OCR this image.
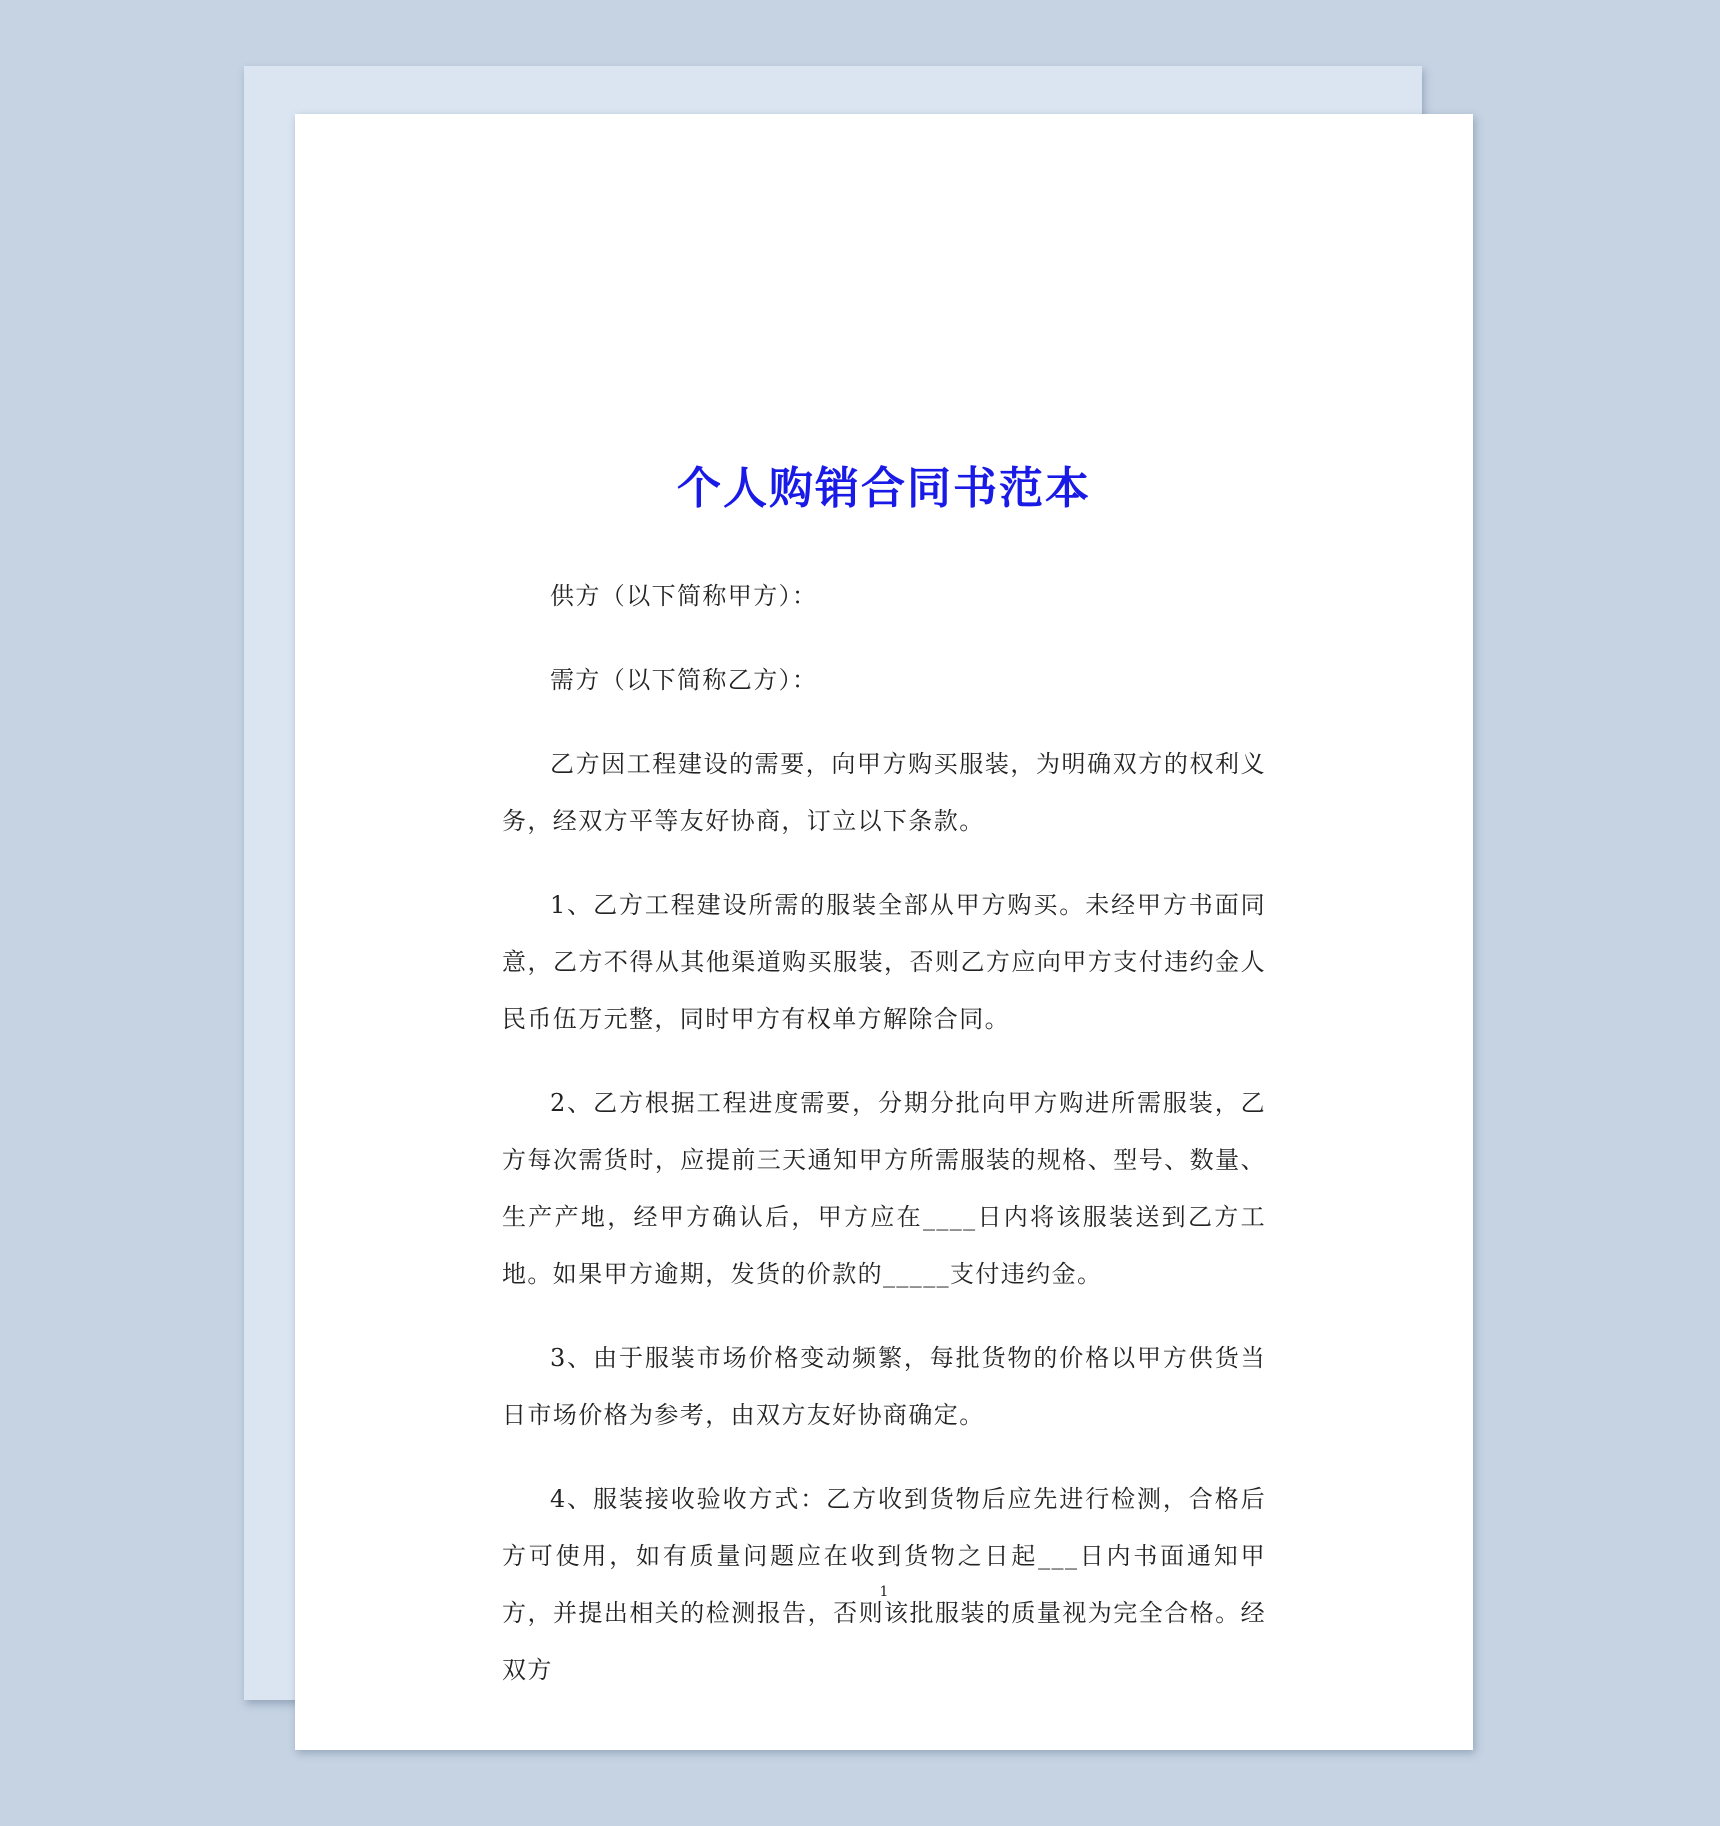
个人购销合同书范本

供方（以下简称甲方）：

需方（以下简称乙方）：

乙方因工程建设的需要，向甲方购买服装，为明确双方的权利义务，经双方平等友好协商，订立以下条款。

1、乙方工程建设所需的服装全部从甲方购买。未经甲方书面同意，乙方不得从其他渠道购买服装，否则乙方应向甲方支付违约金人民币伍万元整，同时甲方有权单方解除合同。

2、乙方根据工程进度需要，分期分批向甲方购进所需服装，乙方每次需货时，应提前三天通知甲方所需服装的规格、型号、数量、生产产地，经甲方确认后，甲方应在____日内将该服装送到乙方工地。如果甲方逾期，发货的价款的_____支付违约金。

3、由于服装市场价格变动频繁，每批货物的价格以甲方供货当日市场价格为参考，由双方友好协商确定。

4、服装接收验收方式：乙方收到货物后应先进行检测，合格后方可使用，如有质量问题应在收到货物之日起___日内书面通知甲方，并提出相关的检测报告，否则该批服装的质量视为完全合格。经双方

1
